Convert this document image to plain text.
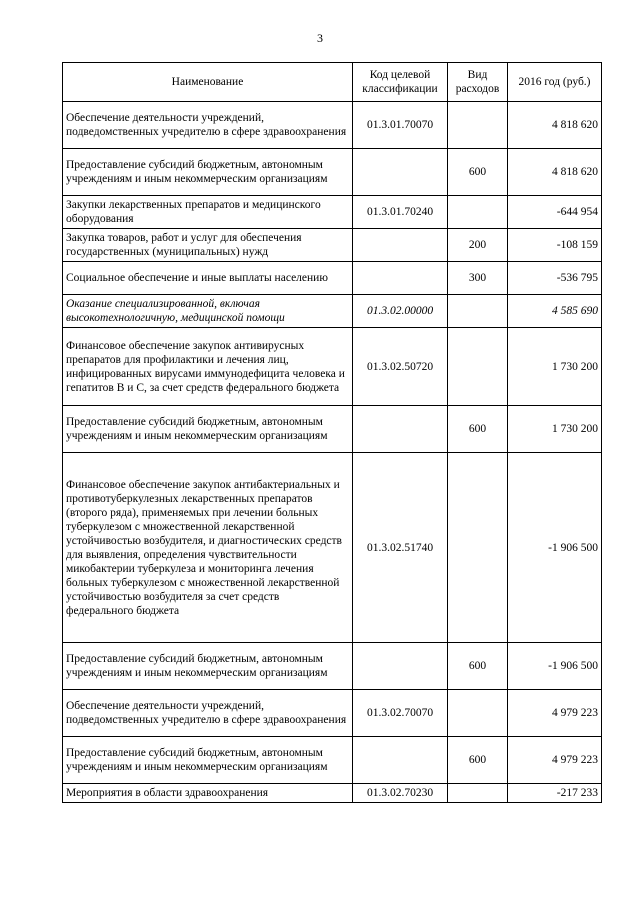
3
Наименование	Код целевой классификации	Вид расходов	2016 год (руб.)
Обеспечение деятельности учреждений, подведомственных учредителю в сфере здравоохранения	01.3.01.70070		4 818 620
Предоставление субсидий бюджетным, автономным учреждениям и иным некоммерческим организациям		600	4 818 620
Закупки лекарственных препаратов и медицинского оборудования	01.3.01.70240		-644 954
Закупка товаров, работ и услуг для обеспечения государственных (муниципальных) нужд		200	-108 159
Социальное обеспечение и иные выплаты населению		300	-536 795
Оказание специализированной, включая высокотехнологичную, медицинской помощи	01.3.02.00000		4 585 690
Финансовое обеспечение закупок антивирусных препаратов для профилактики и лечения лиц, инфицированных вирусами иммунодефицита человека и гепатитов В и С, за счет средств федерального бюджета	01.3.02.50720		1 730 200
Предоставление субсидий бюджетным, автономным учреждениям и иным некоммерческим организациям		600	1 730 200
Финансовое обеспечение закупок антибактериальных и противотуберкулезных лекарственных препаратов (второго ряда), применяемых при лечении больных туберкулезом с множественной лекарственной устойчивостью возбудителя, и диагностических средств для выявления, определения чувствительности микобактерии туберкулеза и мониторинга лечения больных туберкулезом с множественной лекарственной устойчивостью возбудителя за счет средств федерального бюджета	01.3.02.51740		-1 906 500
Предоставление субсидий бюджетным, автономным учреждениям и иным некоммерческим организациям		600	-1 906 500
Обеспечение деятельности учреждений, подведомственных учредителю в сфере здравоохранения	01.3.02.70070		4 979 223
Предоставление субсидий бюджетным, автономным учреждениям и иным некоммерческим организациям		600	4 979 223
Мероприятия в области здравоохранения	01.3.02.70230		-217 233
